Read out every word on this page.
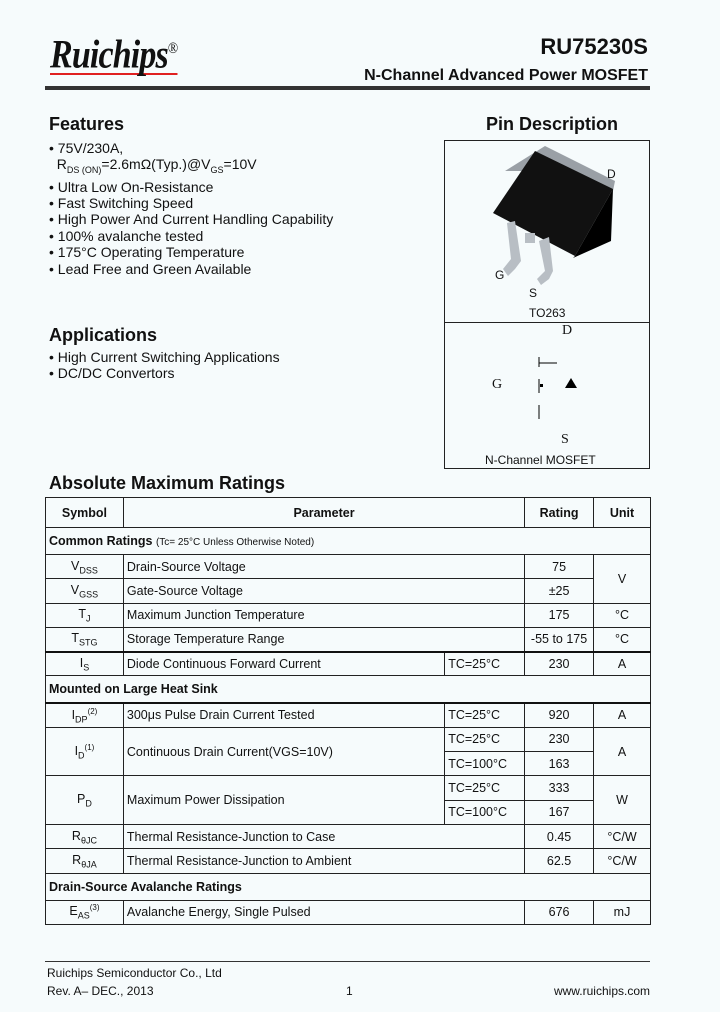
Ruichips®	RU75230S
N-Channel Advanced Power MOSFET
Features
• 75V/230A,
$R_{DS (ON)}=2.6m\Omega(Typ.)@V_{GS}=10V$
• Ultra Low On-Resistance
• Fast Switching Speed
• High Power And Current Handling Capability
• 100% avalanche tested
• 175°C Operating Temperature
• Lead Free and Green Available
Applications
• High Current Switching Applications
• DC/DC Convertors
Pin Description
D
G
S
TO263
D
G
S
N-Channel MOSFET
Absolute Maximum Ratings
Symbol	Parameter		Rating	Unit
Common Ratings (Tc= 25°C Unless Otherwise Noted)				
$V_{DSS}$	Drain-Source Voltage		75	V
$V_{GSS}$	Gate-Source Voltage		±25	
$T_J$	Maximum Junction Temperature		175	°C
$T_{STG}$	Storage Temperature Range		-55 to 175	°C
$I_S$	Diode Continuous Forward Current	TC=25°C	230	A
Mounted on Large Heat Sink				
$I_{DP}^{(2)}$	300μs Pulse Drain Current Tested	TC=25°C	920	A
$I_D^{(1)}$	Continuous Drain Current(VGS=10V)	TC=25°C	230	A
		TC=100°C	163	
$P_D$	Maximum Power Dissipation	TC=25°C	333	W
		TC=100°C	167	
$R_{\theta JC}$	Thermal Resistance-Junction to Case		0.45	°C/W
$R_{\theta JA}$	Thermal Resistance-Junction to Ambient		62.5	°C/W
Drain-Source Avalanche Ratings				
$E_{AS}^{(3)}$	Avalanche Energy, Single Pulsed		676	mJ
Ruichips Semiconductor Co., Ltd
Rev. A– DEC., 2013	1	www.ruichips.com
